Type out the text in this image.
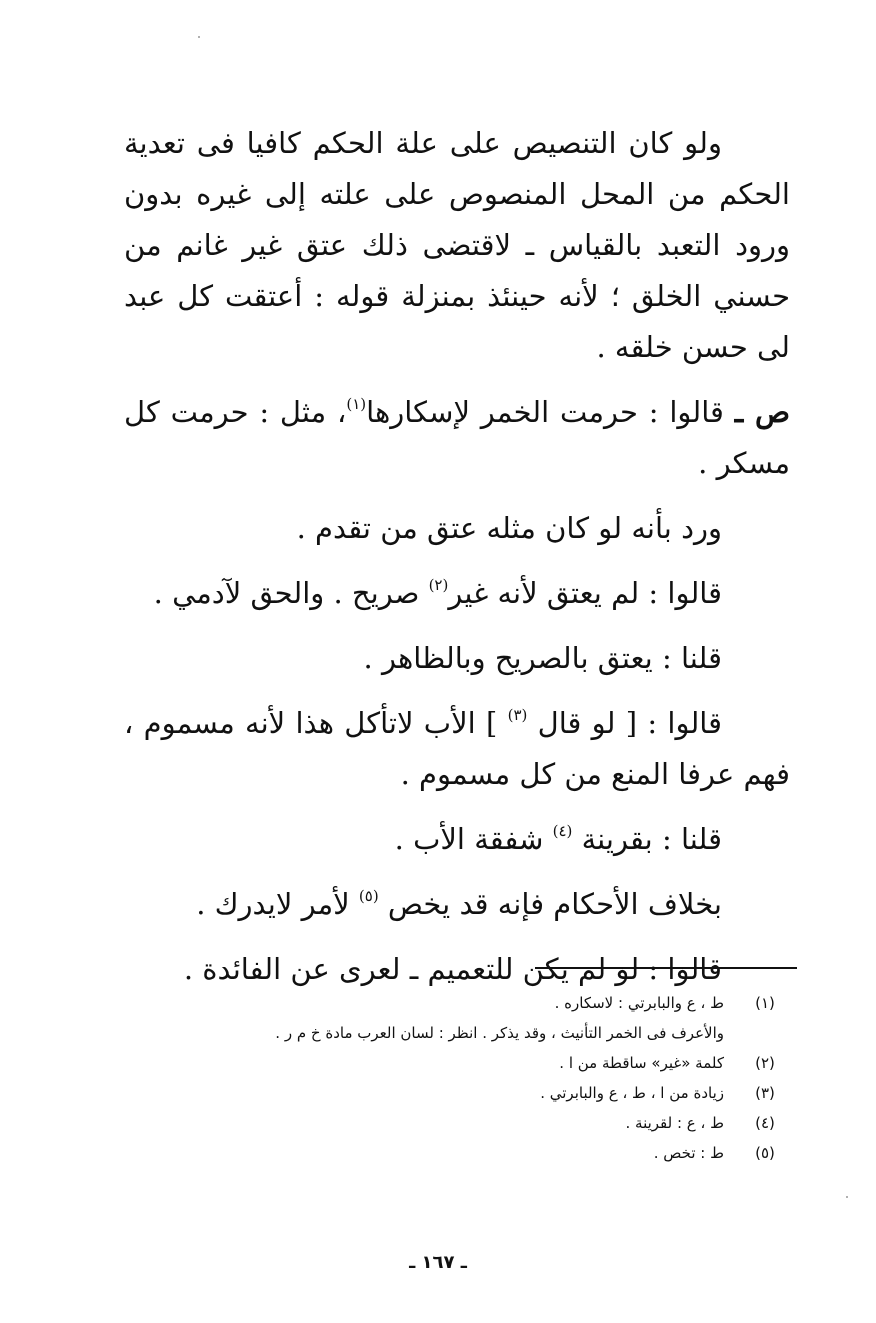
ولو كان التنصيص على علة الحكم كافيا فى تعدية الحكم من المحل المنصوص على علته إلى غيره بدون ورود التعبد بالقياس ـ لاقتضى ذلك عتق غير غانم من حسني الخلق ؛ لأنه حينئذ بمنزلة قوله : أعتقت كل عبد لى حسن خلقه .

ص ـ قالوا : حرمت الخمر لإسكارها$^{(١)}$، مثل : حرمت كل مسكر .

ورد بأنه لو كان مثله عتق من تقدم .

قالوا : لم يعتق لأنه غير$^{(٢)}$ صريح . والحق لآدمي .

قلنا : يعتق بالصريح وبالظاهر .

قالوا : [ لو قال $^{(٣)}$ ] الأب لاتأكل هذا لأنه مسموم ، فهم عرفا المنع من كل مسموم .

قلنا : بقرينة $^{(٤)}$ شفقة الأب .

بخلاف الأحكام فإنه قد يخص $^{(٥)}$ لأمر لايدرك .

قالوا : لو لم يكن للتعميم ـ لعرى عن الفائدة .

(١)
ط ، ع والبابرتي : لاسكاره .
والأعرف فى الخمر التأنيث ، وقد يذكر . انظر : لسان العرب مادة خ م ر .
(٢)
كلمة «غير» ساقطة من ا .
(٣)
زيادة من ا ، ط ، ع والبابرتي .
(٤)
ط ، ع : لقرينة .
(٥)
ط : تخص .
ـ ١٦٧ ـ
